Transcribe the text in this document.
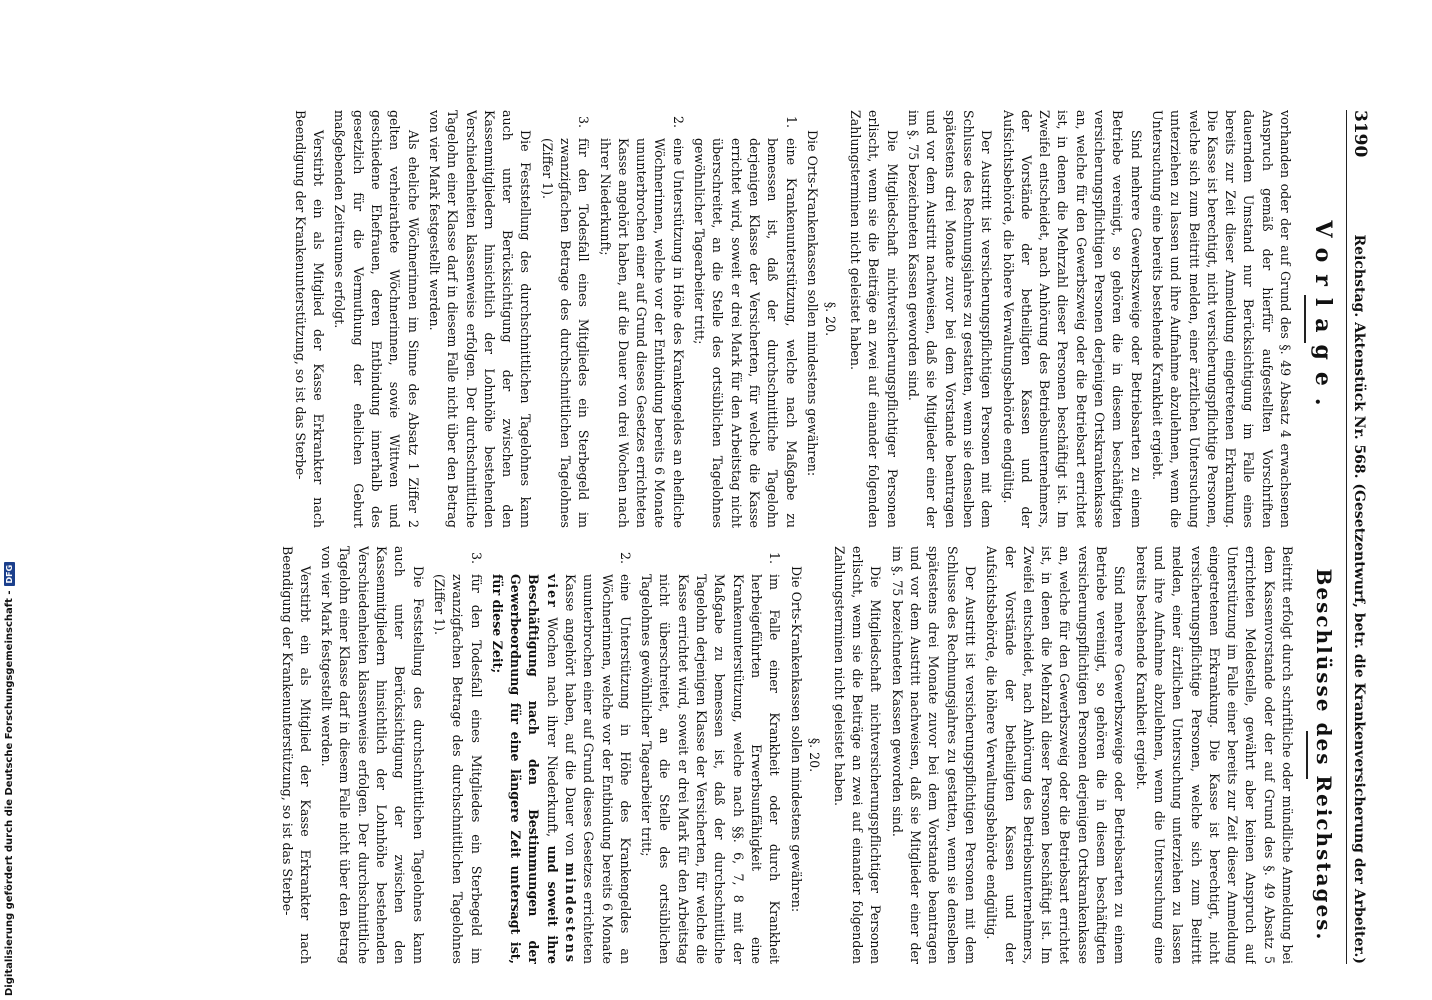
3190
Reichstag. Aktenstück Nr. 568. (Gesetzentwurf, betr. die Krankenversicherung der Arbeiter.)
Vorlage.

vorhanden oder der auf Grund des §. 49 Absatz 4 erwachsenen Anspruch gemäß der hierfür aufgestellten Vorschriften dauerndem Umstand nur Berücksichtigung im Falle eines bereits zur Zeit dieser Anmeldung eingetretenen Erkrankung. Die Kasse ist berechtigt, nicht versicherungspflichtige Personen, welche sich zum Beitritt melden, einer ärztlichen Untersuchung unterziehen zu lassen und ihre Aufnahme abzulehnen, wenn die Untersuchung eine bereits bestehende Krankheit ergiebt.

Sind mehrere Gewerbszweige oder Betriebsarten zu einem Betriebe vereinigt, so gehören die in diesem beschäftigten versicherungspflichtigen Personen derjenigen Ortskrankenkasse an, welche für den Gewerbszweig oder die Betriebsart errichtet ist, in denen die Mehrzahl dieser Personen beschäftigt ist. Im Zweifel entscheidet, nach Anhörung des Betriebsunternehmers, der Vorstände der betheiligten Kassen und der Aufsichtsbehörde, die höhere Verwaltungsbehörde endgültig.

Der Austritt ist versicherungspflichtigen Personen mit dem Schlusse des Rechnungsjahres zu gestatten, wenn sie denselben spätestens drei Monate zuvor bei dem Vorstande beantragen und vor dem Austritt nachweisen, daß sie Mitglieder einer der im §. 75 bezeichneten Kassen geworden sind.

Die Mitgliedschaft nichtversicherungspflichtiger Personen erlischt, wenn sie die Beiträge an zwei auf einander folgenden Zahlungsterminen nicht geleistet haben.

§. 20.

Die Orts-Krankenkassen sollen mindestens gewähren:

1.
eine Krankenunterstützung, welche nach Maßgabe zu bemessen ist, daß der durchschnittliche Tagelohn derjenigen Klasse der Versicherten, für welche die Kasse errichtet wird, soweit er drei Mark für den Arbeitstag nicht überschreitet, an die Stelle des ortsüblichen Tagelohnes gewöhnlicher Tagearbeiter tritt;
2.
eine Unterstützung in Höhe des Krankengeldes an ehefliche Wöchnerinnen, welche vor der Entbindung bereits 6 Monate ununterbrochen einer auf Grund dieses Gesetzes errichteten Kasse angehört haben, auf die Dauer von drei Wochen nach ihrer Niederkunft;
3.
für den Todesfall eines Mitgliedes ein Sterbegeld im zwanzigfachen Betrage des durchschnittlichen Tagelohnes (Ziffer 1).

Die Feststellung des durchschnittlichen Tagelohnes kann auch unter Berücksichtigung der zwischen den Kassenmitgliedern hinsichtlich der Lohnhöhe bestehenden Verschiedenheiten klassenweise erfolgen. Der durchschnittliche Tagelohn einer Klasse darf in diesem Falle nicht über den Betrag von vier Mark festgestellt werden.

Als eheliche Wöchnerinnen im Sinne des Absatz 1 Ziffer 2 gelten verheirathete Wöchnerinnen, sowie Wittwen und geschiedene Ehefrauen, deren Entbindung innerhalb des gesetzlich für die Vermuthung der ehelichen Geburt maßgebenden Zeitraumes erfolgt.

Verstirbt ein als Mitglied der Kasse Erkrankter nach Beendigung der Krankenunterstützung, so ist das Sterbe-

Beschlüsse des Reichstages.

Beitritt erfolgt durch schriftliche oder mündliche Anmeldung bei dem Kassenvorstande oder der auf Grund des §. 49 Absatz 5 errichteten Meldestelle, gewährt aber keinen Anspruch auf Unterstützung im Falle einer bereits zur Zeit dieser Anmeldung eingetretenen Erkrankung. Die Kasse ist berechtigt, nicht versicherungspflichtige Personen, welche sich zum Beitritt melden, einer ärztlichen Untersuchung unterziehen zu lassen und ihre Aufnahme abzulehnen, wenn die Untersuchung eine bereits bestehende Krankheit ergiebt.

Sind mehrere Gewerbszweige oder Betriebsarten zu einem Betriebe vereinigt, so gehören die in diesem beschäftigten versicherungspflichtigen Personen derjenigen Ortskrankenkasse an, welche für den Gewerbszweig oder die Betriebsart errichtet ist, in denen die Mehrzahl dieser Personen beschäftigt ist. Im Zweifel entscheidet, nach Anhörung des Betriebsunternehmers, der Vorstände der betheiligten Kassen und der Aufsichtsbehörde, die höhere Verwaltungsbehörde endgültig.

Der Austritt ist versicherungspflichtigen Personen mit dem Schlusse des Rechnungsjahres zu gestatten, wenn sie denselben spätestens drei Monate zuvor bei dem Vorstande beantragen und vor dem Austritt nachweisen, daß sie Mitglieder einer der im §. 75 bezeichneten Kassen geworden sind.

Die Mitgliedschaft nichtversicherungspflichtiger Personen erlischt, wenn sie die Beiträge an zwei auf einander folgenden Zahlungsterminen nicht geleistet haben.

§. 20.

Die Orts-Krankenkassen sollen mindestens gewähren:

1.
im Falle einer Krankheit oder durch Krankheit herbeigeführten Erwerbsunfähigkeit eine Krankenunterstützung, welche nach §§. 6, 7, 8 mit der Maßgabe zu bemessen ist, daß der durchschnittliche Tagelohn derjenigen Klasse der Versicherten, für welche die Kasse errichtet wird, soweit er drei Mark für den Arbeitstag nicht überschreitet, an die Stelle des ortsüblichen Tagelohnes gewöhnlicher Tagearbeiter tritt;
2.
eine Unterstützung in Höhe des Krankengeldes an Wöchnerinnen, welche vor der Entbindung bereits 6 Monate ununterbrochen einer auf Grund dieses Gesetzes errichteten Kasse angehört haben, auf die Dauer von mindestens vier Wochen nach ihrer Niederkunft, und soweit ihre Beschäftigung nach den Bestimmungen der Gewerbeordnung für eine längere Zeit untersagt ist, für diese Zeit;
3.
für den Todesfall eines Mitgliedes ein Sterbegeld im zwanzigfachen Betrage des durchschnittlichen Tagelohnes (Ziffer 1).

Die Feststellung des durchschnittlichen Tagelohnes kann auch unter Berücksichtigung der zwischen den Kassenmitgliedern hinsichtlich der Lohnhöhe bestehenden Verschiedenheiten klassenweise erfolgen. Der durchschnittliche Tagelohn einer Klasse darf in diesem Falle nicht über den Betrag von vier Mark festgestellt werden.

Verstirbt ein als Mitglied der Kasse Erkrankter nach Beendigung der Krankenunterstützung, so ist das Sterbe-

Digitalisierung gefördert durch die Deutsche Forschungsgemeinschaft -
DFG
